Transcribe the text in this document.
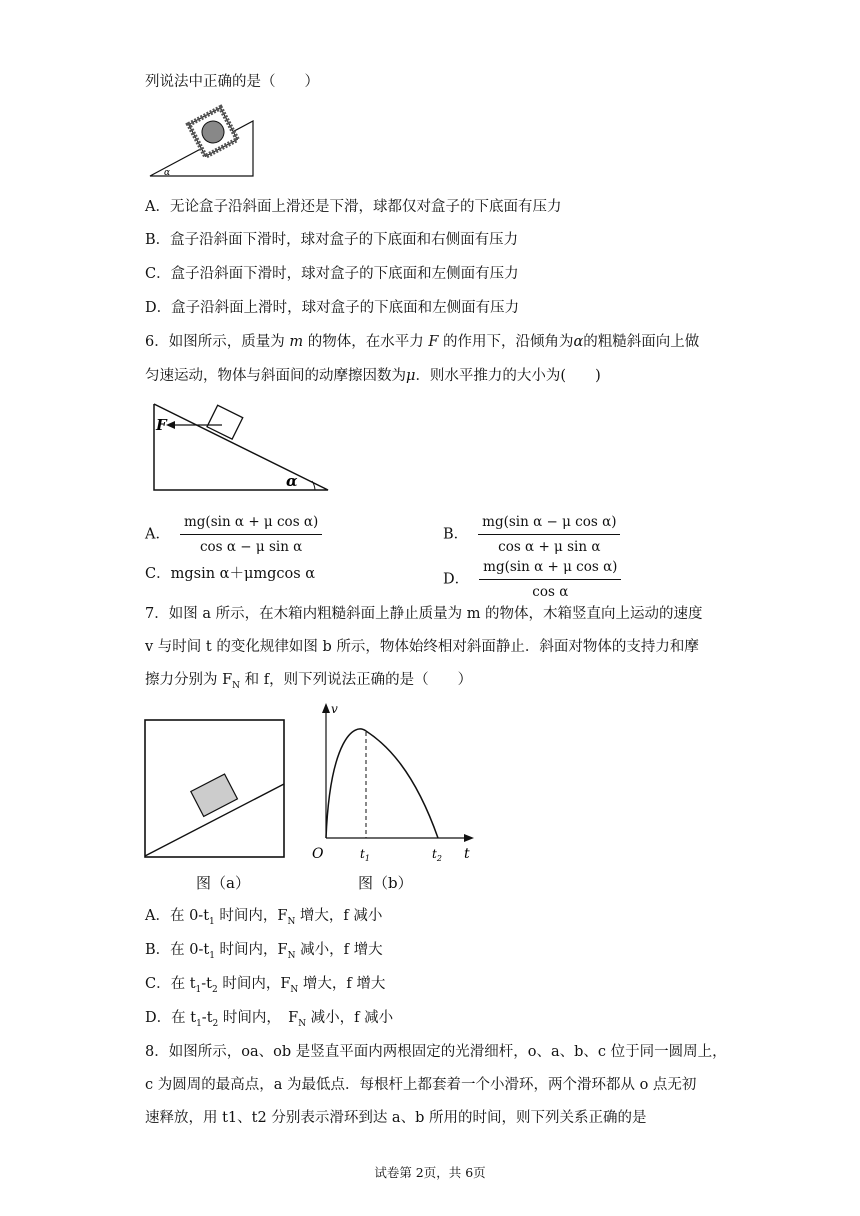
列说法中正确的是（　　）
α
A．无论盒子沿斜面上滑还是下滑，球都仅对盒子的下底面有压力
B．盒子沿斜面下滑时，球对盒子的下底面和右侧面有压力
C．盒子沿斜面下滑时，球对盒子的下底面和左侧面有压力
D．盒子沿斜面上滑时，球对盒子的下底面和左侧面有压力
6．如图所示，质量为 m 的物体，在水平力 F 的作用下，沿倾角为α的粗糙斜面向上做
匀速运动，物体与斜面间的动摩擦因数为μ．则水平推力的大小为(　　)
F
α
A． $\frac{\text{mg(sin α + μ cos α)}}{\text{cos α − μ sin α}}$	B． $\frac{\text{mg(sin α − μ cos α)}}{\text{cos α + μ sin α}}$
C．mgsin α＋μmgcos α	D． $\frac{\text{mg(sin α + μ cos α)}}{\text{cos α}}$
7．如图 a 所示，在木箱内粗糙斜面上静止质量为 m 的物体，木箱竖直向上运动的速度
v 与时间 t 的变化规律如图 b 所示，物体始终相对斜面静止．斜面对物体的支持力和摩
擦力分别为 $F_N$ 和 f，则下列说法正确的是（　　）
图（a）
v
t
O	$t_1$	$t_2$
图（b）
A．在 $0-t_1$ 时间内，$F_N$ 增大，f 减小
B．在 $0-t_1$ 时间内，$F_N$ 减小，f 增大
C．在 $t_1-t_2$ 时间内，$F_N$ 增大，f 增大
D．在 $t_1-t_2$ 时间内，　$F_N$ 减小，f 减小
8．如图所示，oa、ob 是竖直平面内两根固定的光滑细杆，o、a、b、c 位于同一圆周上，
c 为圆周的最高点，a 为最低点．每根杆上都套着一个小滑环，两个滑环都从 o 点无初
速释放，用 t1、t2 分别表示滑环到达 a、b 所用的时间，则下列关系正确的是
试卷第 2页，共 6页
